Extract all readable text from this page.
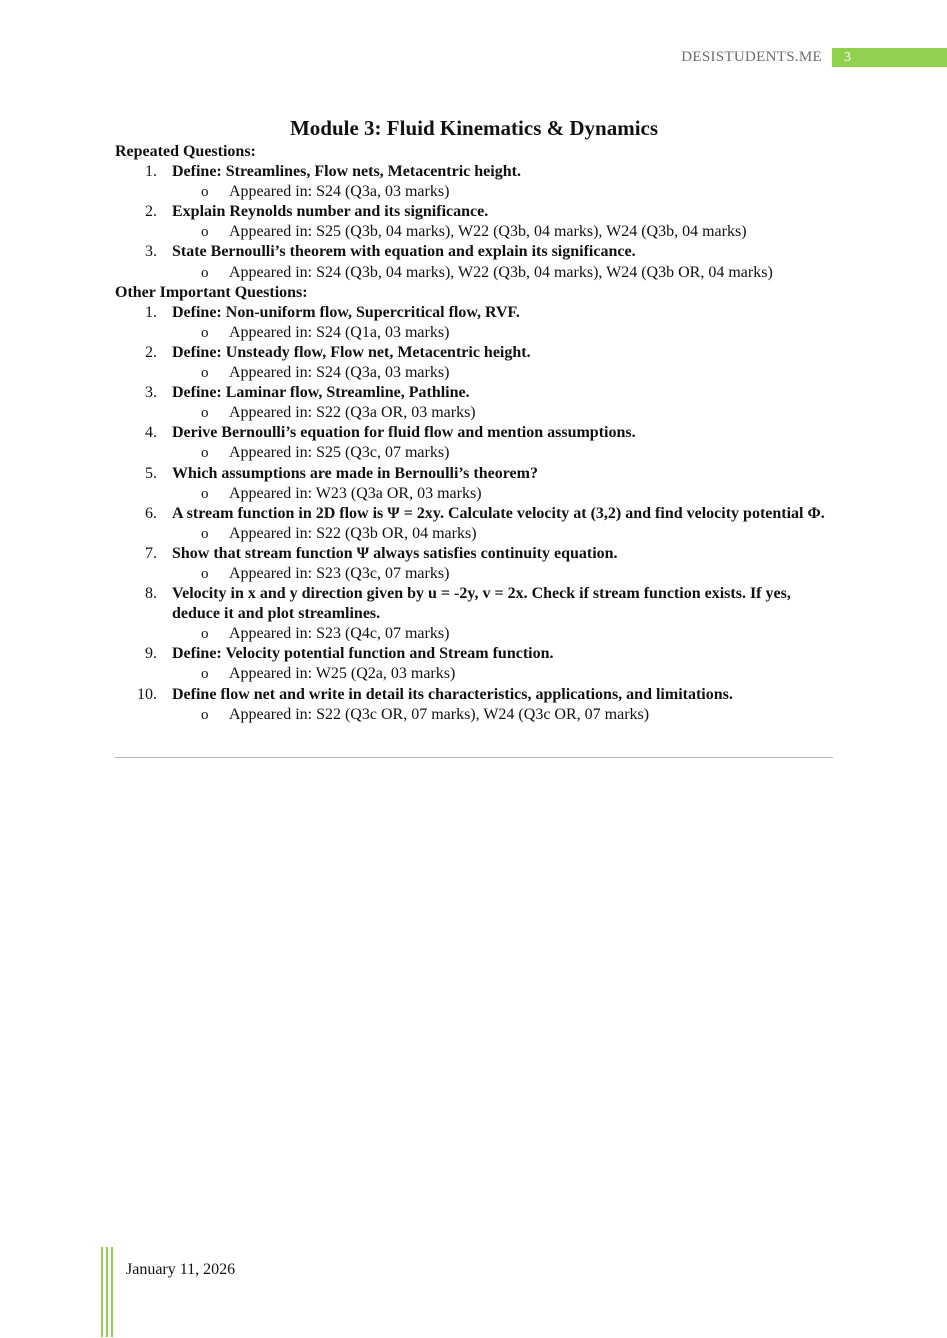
DESISTUDENTS.ME	3
Module 3: Fluid Kinematics & Dynamics
Repeated Questions:
1. Define: Streamlines, Flow nets, Metacentric height.
o Appeared in: S24 (Q3a, 03 marks)
2. Explain Reynolds number and its significance.
o Appeared in: S25 (Q3b, 04 marks), W22 (Q3b, 04 marks), W24 (Q3b, 04 marks)
3. State Bernoulli’s theorem with equation and explain its significance.
o Appeared in: S24 (Q3b, 04 marks), W22 (Q3b, 04 marks), W24 (Q3b OR, 04 marks)
Other Important Questions:
1. Define: Non-uniform flow, Supercritical flow, RVF.
o Appeared in: S24 (Q1a, 03 marks)
2. Define: Unsteady flow, Flow net, Metacentric height.
o Appeared in: S24 (Q3a, 03 marks)
3. Define: Laminar flow, Streamline, Pathline.
o Appeared in: S22 (Q3a OR, 03 marks)
4. Derive Bernoulli’s equation for fluid flow and mention assumptions.
o Appeared in: S25 (Q3c, 07 marks)
5. Which assumptions are made in Bernoulli’s theorem?
o Appeared in: W23 (Q3a OR, 03 marks)
6. A stream function in 2D flow is Ψ = 2xy. Calculate velocity at (3,2) and find velocity potential Φ.
o Appeared in: S22 (Q3b OR, 04 marks)
7. Show that stream function Ψ always satisfies continuity equation.
o Appeared in: S23 (Q3c, 07 marks)
8. Velocity in x and y direction given by u = -2y, v = 2x. Check if stream function exists. If yes, deduce it and plot streamlines.
o Appeared in: S23 (Q4c, 07 marks)
9. Define: Velocity potential function and Stream function.
o Appeared in: W25 (Q2a, 03 marks)
10. Define flow net and write in detail its characteristics, applications, and limitations.
o Appeared in: S22 (Q3c OR, 07 marks), W24 (Q3c OR, 07 marks)
January 11, 2026
